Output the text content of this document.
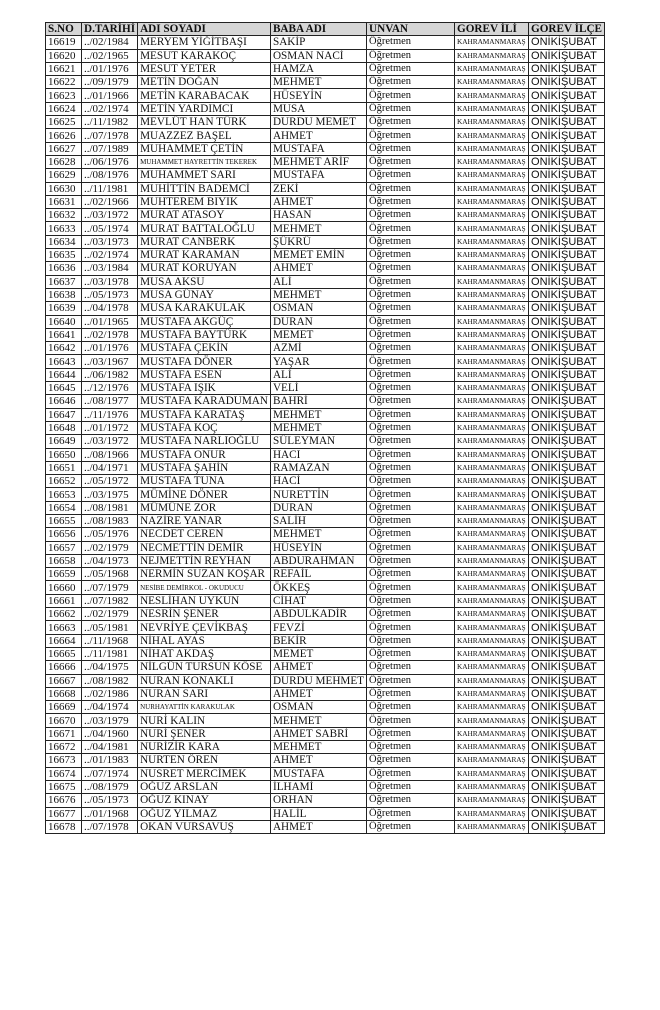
S.NO	D.TARİHİ	ADI SOYADI	BABA ADI	UNVAN	GOREV İLİ	GOREV İLÇE
16619	../02/1984	MERYEM YİĞİTBAŞI	SAKİP	Öğretmen	KAHRAMANMARAŞ	ONİKİŞUBAT
16620	../02/1965	MESUT KARAKOÇ	OSMAN NACİ	Öğretmen	KAHRAMANMARAŞ	ONİKİŞUBAT
16621	../01/1976	MESUT YETER	HAMZA	Öğretmen	KAHRAMANMARAŞ	ONİKİŞUBAT
16622	../09/1979	METİN DOĞAN	MEHMET	Öğretmen	KAHRAMANMARAŞ	ONİKİŞUBAT
16623	../01/1966	METİN KARABACAK	HÜSEYİN	Öğretmen	KAHRAMANMARAŞ	ONİKİŞUBAT
16624	../02/1974	METİN YARDIMCI	MUSA	Öğretmen	KAHRAMANMARAŞ	ONİKİŞUBAT
16625	../11/1982	MEVLÜT HAN TÜRK	DURDU MEMET	Öğretmen	KAHRAMANMARAŞ	ONİKİŞUBAT
16626	../07/1978	MUAZZEZ BAŞEL	AHMET	Öğretmen	KAHRAMANMARAŞ	ONİKİŞUBAT
16627	../07/1989	MUHAMMET ÇETİN	MUSTAFA	Öğretmen	KAHRAMANMARAŞ	ONİKİŞUBAT
16628	../06/1976	MUHAMMET HAYRETTİN TEKEREK	MEHMET ARİF	Öğretmen	KAHRAMANMARAŞ	ONİKİŞUBAT
16629	../08/1976	MUHAMMET SARI	MUSTAFA	Öğretmen	KAHRAMANMARAŞ	ONİKİŞUBAT
16630	../11/1981	MUHİTTİN BADEMCİ	ZEKİ	Öğretmen	KAHRAMANMARAŞ	ONİKİŞUBAT
16631	../02/1966	MUHTEREM BIYIK	AHMET	Öğretmen	KAHRAMANMARAŞ	ONİKİŞUBAT
16632	../03/1972	MURAT ATASOY	HASAN	Öğretmen	KAHRAMANMARAŞ	ONİKİŞUBAT
16633	../05/1974	MURAT BATTALOĞLU	MEHMET	Öğretmen	KAHRAMANMARAŞ	ONİKİŞUBAT
16634	../03/1973	MURAT CANBERK	ŞÜKRÜ	Öğretmen	KAHRAMANMARAŞ	ONİKİŞUBAT
16635	../02/1974	MURAT KARAMAN	MEMET EMİN	Öğretmen	KAHRAMANMARAŞ	ONİKİŞUBAT
16636	../03/1984	MURAT KORUYAN	AHMET	Öğretmen	KAHRAMANMARAŞ	ONİKİŞUBAT
16637	../03/1978	MUSA AKSU	ALİ	Öğretmen	KAHRAMANMARAŞ	ONİKİŞUBAT
16638	../05/1973	MUSA GÜNAY	MEHMET	Öğretmen	KAHRAMANMARAŞ	ONİKİŞUBAT
16639	../04/1978	MUSA KARAKULAK	OSMAN	Öğretmen	KAHRAMANMARAŞ	ONİKİŞUBAT
16640	../01/1965	MUSTAFA AKGÜÇ	DURAN	Öğretmen	KAHRAMANMARAŞ	ONİKİŞUBAT
16641	../02/1978	MUSTAFA BAYTÜRK	MEMET	Öğretmen	KAHRAMANMARAŞ	ONİKİŞUBAT
16642	../01/1976	MUSTAFA ÇEKİN	AZMİ	Öğretmen	KAHRAMANMARAŞ	ONİKİŞUBAT
16643	../03/1967	MUSTAFA DÖNER	YAŞAR	Öğretmen	KAHRAMANMARAŞ	ONİKİŞUBAT
16644	../06/1982	MUSTAFA ESEN	ALİ	Öğretmen	KAHRAMANMARAŞ	ONİKİŞUBAT
16645	../12/1976	MUSTAFA IŞIK	VELİ	Öğretmen	KAHRAMANMARAŞ	ONİKİŞUBAT
16646	../08/1977	MUSTAFA KARADUMAN	BAHRİ	Öğretmen	KAHRAMANMARAŞ	ONİKİŞUBAT
16647	../11/1976	MUSTAFA KARATAŞ	MEHMET	Öğretmen	KAHRAMANMARAŞ	ONİKİŞUBAT
16648	../01/1972	MUSTAFA KOÇ	MEHMET	Öğretmen	KAHRAMANMARAŞ	ONİKİŞUBAT
16649	../03/1972	MUSTAFA NARLIOĞLU	SÜLEYMAN	Öğretmen	KAHRAMANMARAŞ	ONİKİŞUBAT
16650	../08/1966	MUSTAFA ONUR	HACI	Öğretmen	KAHRAMANMARAŞ	ONİKİŞUBAT
16651	../04/1971	MUSTAFA ŞAHİN	RAMAZAN	Öğretmen	KAHRAMANMARAŞ	ONİKİŞUBAT
16652	../05/1972	MUSTAFA TUNA	HACİ	Öğretmen	KAHRAMANMARAŞ	ONİKİŞUBAT
16653	../03/1975	MÜMİNE DÖNER	NURETTİN	Öğretmen	KAHRAMANMARAŞ	ONİKİŞUBAT
16654	../08/1981	MÜMÜNE ZOR	DURAN	Öğretmen	KAHRAMANMARAŞ	ONİKİŞUBAT
16655	../08/1983	NAZİRE YANAR	SALİH	Öğretmen	KAHRAMANMARAŞ	ONİKİŞUBAT
16656	../05/1976	NECDET CEREN	MEHMET	Öğretmen	KAHRAMANMARAŞ	ONİKİŞUBAT
16657	../02/1979	NECMETTİN DEMİR	HÜSEYİN	Öğretmen	KAHRAMANMARAŞ	ONİKİŞUBAT
16658	../04/1973	NEJMETTİN REYHAN	ABDURAHMAN	Öğretmen	KAHRAMANMARAŞ	ONİKİŞUBAT
16659	../05/1968	NERMİN SUZAN KOŞAR	REFAİL	Öğretmen	KAHRAMANMARAŞ	ONİKİŞUBAT
16660	../07/1979	NESİBE DEMİRKOL - OKUDUCU	ÖKKEŞ	Öğretmen	KAHRAMANMARAŞ	ONİKİŞUBAT
16661	../07/1982	NESLİHAN UYKUN	CİHAT	Öğretmen	KAHRAMANMARAŞ	ONİKİŞUBAT
16662	../02/1979	NESRİN ŞENER	ABDULKADİR	Öğretmen	KAHRAMANMARAŞ	ONİKİŞUBAT
16663	../05/1981	NEVRİYE ÇEVİKBAŞ	FEVZİ	Öğretmen	KAHRAMANMARAŞ	ONİKİŞUBAT
16664	../11/1968	NİHAL AYAS	BEKİR	Öğretmen	KAHRAMANMARAŞ	ONİKİŞUBAT
16665	../11/1981	NİHAT AKDAŞ	MEMET	Öğretmen	KAHRAMANMARAŞ	ONİKİŞUBAT
16666	../04/1975	NİLGÜN TURSUN KÖSE	AHMET	Öğretmen	KAHRAMANMARAŞ	ONİKİŞUBAT
16667	../08/1982	NURAN KONAKLI	DURDU MEHMET	Öğretmen	KAHRAMANMARAŞ	ONİKİŞUBAT
16668	../02/1986	NURAN SARI	AHMET	Öğretmen	KAHRAMANMARAŞ	ONİKİŞUBAT
16669	../04/1974	NURHAYATTİN KARAKULAK	OSMAN	Öğretmen	KAHRAMANMARAŞ	ONİKİŞUBAT
16670	../03/1979	NURİ KALIN	MEHMET	Öğretmen	KAHRAMANMARAŞ	ONİKİŞUBAT
16671	../04/1960	NURİ ŞENER	AHMET SABRİ	Öğretmen	KAHRAMANMARAŞ	ONİKİŞUBAT
16672	../04/1981	NURİZİR KARA	MEHMET	Öğretmen	KAHRAMANMARAŞ	ONİKİŞUBAT
16673	../01/1983	NURTEN ÖREN	AHMET	Öğretmen	KAHRAMANMARAŞ	ONİKİŞUBAT
16674	../07/1974	NUSRET MERCİMEK	MUSTAFA	Öğretmen	KAHRAMANMARAŞ	ONİKİŞUBAT
16675	../08/1979	OĞUZ ARSLAN	İLHAMİ	Öğretmen	KAHRAMANMARAŞ	ONİKİŞUBAT
16676	../05/1973	OĞUZ KINAY	ORHAN	Öğretmen	KAHRAMANMARAŞ	ONİKİŞUBAT
16677	../01/1968	OĞUZ YILMAZ	HALİL	Öğretmen	KAHRAMANMARAŞ	ONİKİŞUBAT
16678	../07/1978	OKAN VURSAVUŞ	AHMET	Öğretmen	KAHRAMANMARAŞ	ONİKİŞUBAT
